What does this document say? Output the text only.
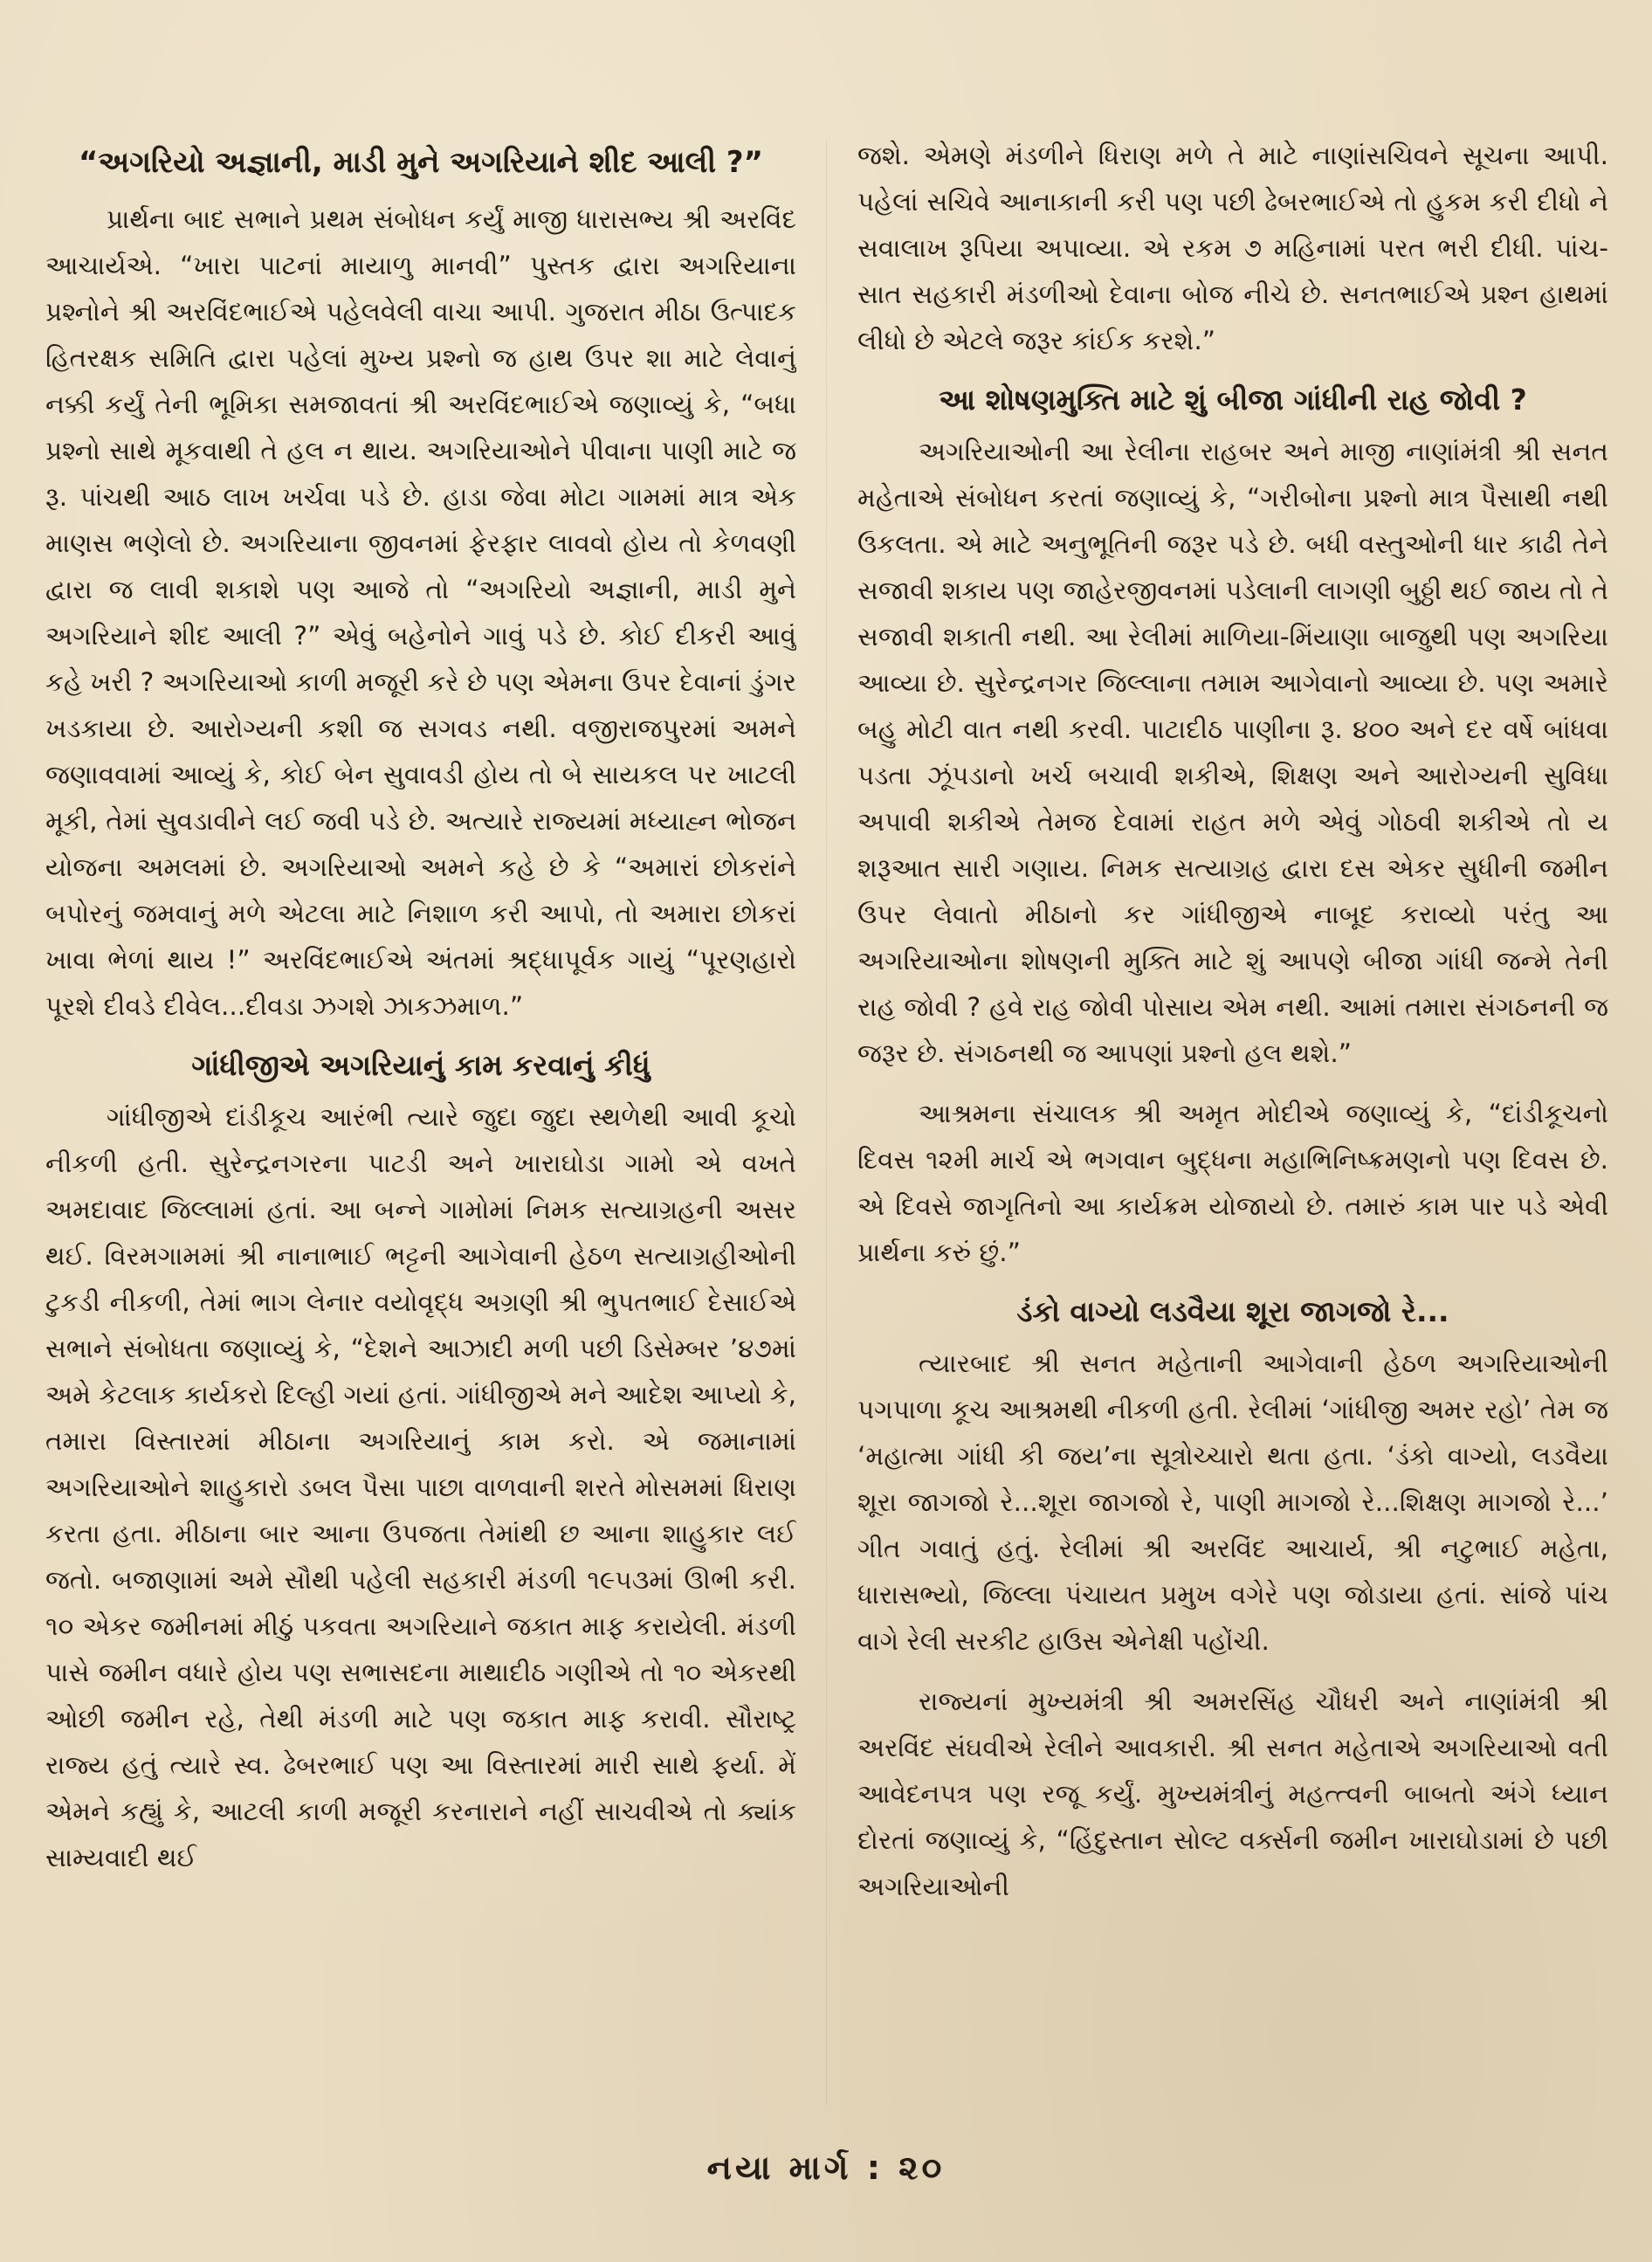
“અગરિયો અજ્ઞાની, માડી મુને અગરિયાને શીદ આલી ?”

પ્રાર્થના બાદ સભાને પ્રથમ સંબોધન કર્યું માજી ધારાસભ્ય શ્રી અરવિંદ આચાર્યએ. “ખારા પાટનાં માયાળુ માનવી” પુસ્તક દ્વારા અગરિયાના પ્રશ્નોને શ્રી અરવિંદભાઈએ પહેલવેલી વાચા આપી. ગુજરાત મીઠા ઉત્પાદક હિતરક્ષક સમિતિ દ્વારા પહેલાં મુખ્ય પ્રશ્નો જ હાથ ઉપર શા માટે લેવાનું નક્કી કર્યું તેની ભૂમિકા સમજાવતાં શ્રી અરવિંદભાઈએ જણાવ્યું કે, “બધા પ્રશ્નો સાથે મૂકવાથી તે હલ ન થાય. અગરિયાઓને પીવાના પાણી માટે જ રૂ. પાંચથી આઠ લાખ ખર્ચવા પડે છે. હાડા જેવા મોટા ગામમાં માત્ર એક માણસ ભણેલો છે. અગરિયાના જીવનમાં ફેરફાર લાવવો હોય તો કેળવણી દ્વારા જ લાવી શકાશે પણ આજે તો “અગરિયો અજ્ઞાની, માડી મુને અગરિયાને શીદ આલી ?” એવું બહેનોને ગાવું પડે છે. કોઈ દીકરી આવું કહે ખરી ? અગરિયાઓ કાળી મજૂરી કરે છે પણ એમના ઉપર દેવાનાં ડુંગર ખડકાયા છે. આરોગ્યની કશી જ સગવડ નથી. વજીરાજપુરમાં અમને જણાવવામાં આવ્યું કે, કોઈ બેન સુવાવડી હોય તો બે સાયકલ પર ખાટલી મૂકી, તેમાં સુવડાવીને લઈ જવી પડે છે. અત્યારે રાજ્યમાં મધ્યાહ્ન ભોજન યોજના અમલમાં છે. અગરિયાઓ અમને કહે છે કે “અમારાં છોકરાંને બપોરનું જમવાનું મળે એટલા માટે નિશાળ કરી આપો, તો અમારા છોકરાં ખાવા ભેળાં થાય !” અરવિંદભાઈએ અંતમાં શ્રદ્ધાપૂર્વક ગાયું “પૂરણહારો પૂરશે દીવડે દીવેલ...દીવડા ઝગશે ઝાકઝમાળ.”

ગાંધીજીએ અગરિયાનું કામ કરવાનું કીધું

ગાંધીજીએ દાંડીકૂચ આરંભી ત્યારે જુદા જુદા સ્થળેથી આવી કૂચો નીકળી હતી. સુરેન્દ્રનગરના પાટડી અને ખારાઘોડા ગામો એ વખતે અમદાવાદ જિલ્લામાં હતાં. આ બન્ને ગામોમાં નિમક સત્યાગ્રહની અસર થઈ. વિરમગામમાં શ્રી નાનાભાઈ ભટ્ટની આગેવાની હેઠળ સત્યાગ્રહીઓની ટુકડી નીકળી, તેમાં ભાગ લેનાર વયોવૃદ્ધ અગ્રણી શ્રી ભુપતભાઈ દેસાઈએ સભાને સંબોધતા જણાવ્યું કે, “દેશને આઝાદી મળી પછી ડિસેમ્બર ’૪૭માં અમે કેટલાક કાર્યકરો દિલ્હી ગયાં હતાં. ગાંધીજીએ મને આદેશ આપ્યો કે, તમારા વિસ્તારમાં મીઠાના અગરિયાનું કામ કરો. એ જમાનામાં અગરિયાઓને શાહુકારો ડબલ પૈસા પાછા વાળવાની શરતે મોસમમાં ધિરાણ કરતા હતા. મીઠાના બાર આના ઉપજતા તેમાંથી છ આના શાહુકાર લઈ જતો. બજાણામાં અમે સૌથી પહેલી સહકારી મંડળી ૧૯૫૩માં ઊભી કરી. ૧૦ એકર જમીનમાં મીઠું પકવતા અગરિયાને જકાત માફ કરાયેલી. મંડળી પાસે જમીન વધારે હોય પણ સભાસદના માથાદીઠ ગણીએ તો ૧૦ એકરથી ઓછી જમીન રહે, તેથી મંડળી માટે પણ જકાત માફ કરાવી. સૌરાષ્ટ્ર રાજ્ય હતું ત્યારે સ્વ. ઢેબરભાઈ પણ આ વિસ્તારમાં મારી સાથે ફર્યા. મેં એમને કહ્યું કે, આટલી કાળી મજૂરી કરનારાને નહીં સાચવીએ તો ક્યાંક સામ્યવાદી થઈ

જશે. એમણે મંડળીને ધિરાણ મળે તે માટે નાણાંસચિવને સૂચના આપી. પહેલાં સચિવે આનાકાની કરી પણ પછી ઢેબરભાઈએ તો હુકમ કરી દીધો ને સવાલાખ રૂપિયા અપાવ્યા. એ રકમ ૭ મહિનામાં પરત ભરી દીધી. પાંચ-સાત સહકારી મંડળીઓ દેવાના બોજ નીચે છે. સનતભાઈએ પ્રશ્ન હાથમાં લીધો છે એટલે જરૂર કાંઈક કરશે.”

આ શોષણમુક્તિ માટે શું બીજા ગાંધીની રાહ જોવી ?

અગરિયાઓની આ રેલીના રાહબર અને માજી નાણાંમંત્રી શ્રી સનત મહેતાએ સંબોધન કરતાં જણાવ્યું કે, “ગરીબોના પ્રશ્નો માત્ર પૈસાથી નથી ઉકલતા. એ માટે અનુભૂતિની જરૂર પડે છે. બધી વસ્તુઓની ધાર કાઢી તેને સજાવી શકાય પણ જાહેરજીવનમાં પડેલાની લાગણી બુઠ્ઠી થઈ જાય તો તે સજાવી શકાતી નથી. આ રેલીમાં માળિયા-મિંયાણા બાજુથી પણ અગરિયા આવ્યા છે. સુરેન્દ્રનગર જિલ્લાના તમામ આગેવાનો આવ્યા છે. પણ અમારે બહુ મોટી વાત નથી કરવી. પાટાદીઠ પાણીના રૂ. ૪૦૦ અને દર વર્ષે બાંધવા પડતા ઝૂંપડાનો ખર્ચ બચાવી શકીએ, શિક્ષણ અને આરોગ્યની સુવિધા અપાવી શકીએ તેમજ દેવામાં રાહત મળે એવું ગોઠવી શકીએ તો ય શરૂઆત સારી ગણાય. નિમક સત્યાગ્રહ દ્વારા દસ એકર સુધીની જમીન ઉપર લેવાતો મીઠાનો કર ગાંધીજીએ નાબૂદ કરાવ્યો પરંતુ આ અગરિયાઓના શોષણની મુક્તિ માટે શું આપણે બીજા ગાંધી જન્મે તેની રાહ જોવી ? હવે રાહ જોવી પોસાય એમ નથી. આમાં તમારા સંગઠનની જ જરૂર છે. સંગઠનથી જ આપણાં પ્રશ્નો હલ થશે.”

આશ્રમના સંચાલક શ્રી અમૃત મોદીએ જણાવ્યું કે, “દાંડીકૂચનો દિવસ ૧૨મી માર્ચ એ ભગવાન બુદ્ધના મહાભિનિષ્ક્રમણનો પણ દિવસ છે. એ દિવસે જાગૃતિનો આ કાર્યક્રમ યોજાયો છે. તમારું કામ પાર પડે એવી પ્રાર્થના કરું છું.”

ડંકો વાગ્યો લડવૈયા શૂરા જાગજો રે...

ત્યારબાદ શ્રી સનત મહેતાની આગેવાની હેઠળ અગરિયાઓની પગપાળા કૂચ આશ્રમથી નીકળી હતી. રેલીમાં ‘ગાંધીજી અમર રહો’ તેમ જ ‘મહાત્મા ગાંધી કી જય’ના સૂત્રોચ્ચારો થતા હતા. ‘ડંકો વાગ્યો, લડવૈયા શૂરા જાગજો રે...શૂરા જાગજો રે, પાણી માગજો રે...શિક્ષણ માગજો રે...’ ગીત ગવાતું હતું. રેલીમાં શ્રી અરવિંદ આચાર્ય, શ્રી નટુભાઈ મહેતા, ધારાસભ્યો, જિલ્લા પંચાયત પ્રમુખ વગેરે પણ જોડાયા હતાં. સાંજે પાંચ વાગે રેલી સરકીટ હાઉસ એનેક્ષી પહોંચી.

રાજ્યનાં મુખ્યમંત્રી શ્રી અમરસિંહ ચૌધરી અને નાણાંમંત્રી શ્રી અરવિંદ સંઘવીએ રેલીને આવકારી. શ્રી સનત મહેતાએ અગરિયાઓ વતી આવેદનપત્ર પણ રજૂ કર્યું. મુખ્યમંત્રીનું મહત્ત્વની બાબતો અંગે ધ્યાન દોરતાં જણાવ્યું કે, “હિંદુસ્તાન સોલ્ટ વર્ક્સની જમીન ખારાઘોડામાં છે પછી અગરિયાઓની

નયા માર્ગ : ૨૦
